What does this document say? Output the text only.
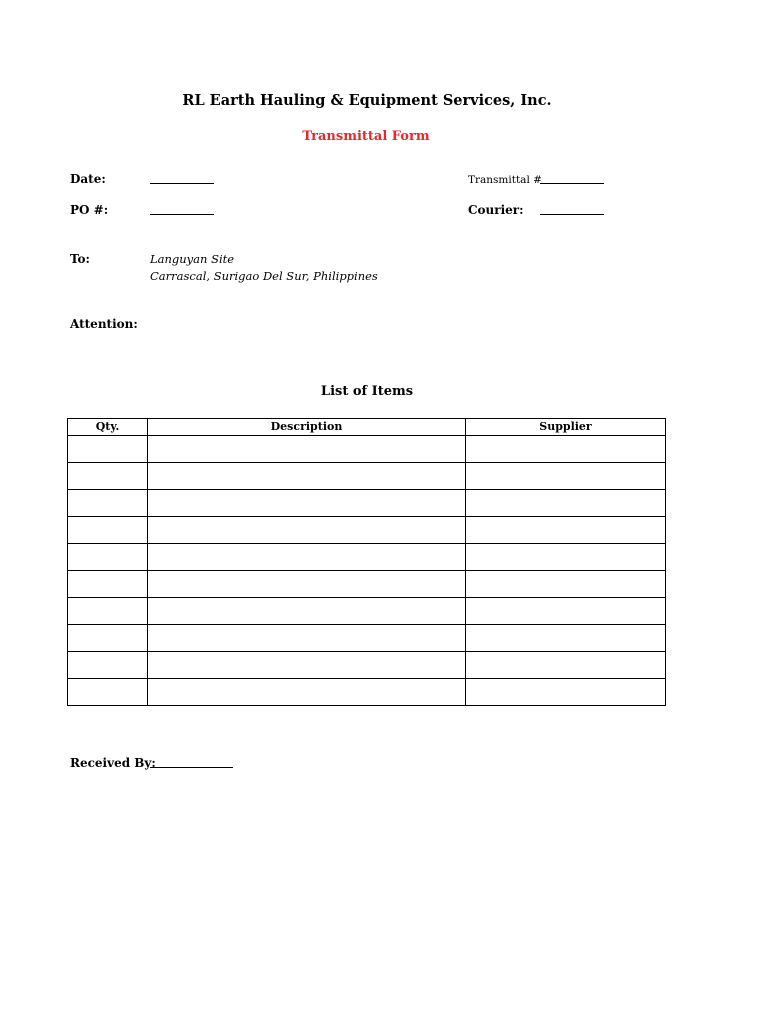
RL Earth Hauling & Equipment Services, Inc.
Transmittal Form
Date:	Transmittal #
PO #:	Courier:
To:	Languyan Site
Carrascal, Surigao Del Sur, Philippines
Attention:
List of Items
Qty.	Description	Supplier

Received By:
